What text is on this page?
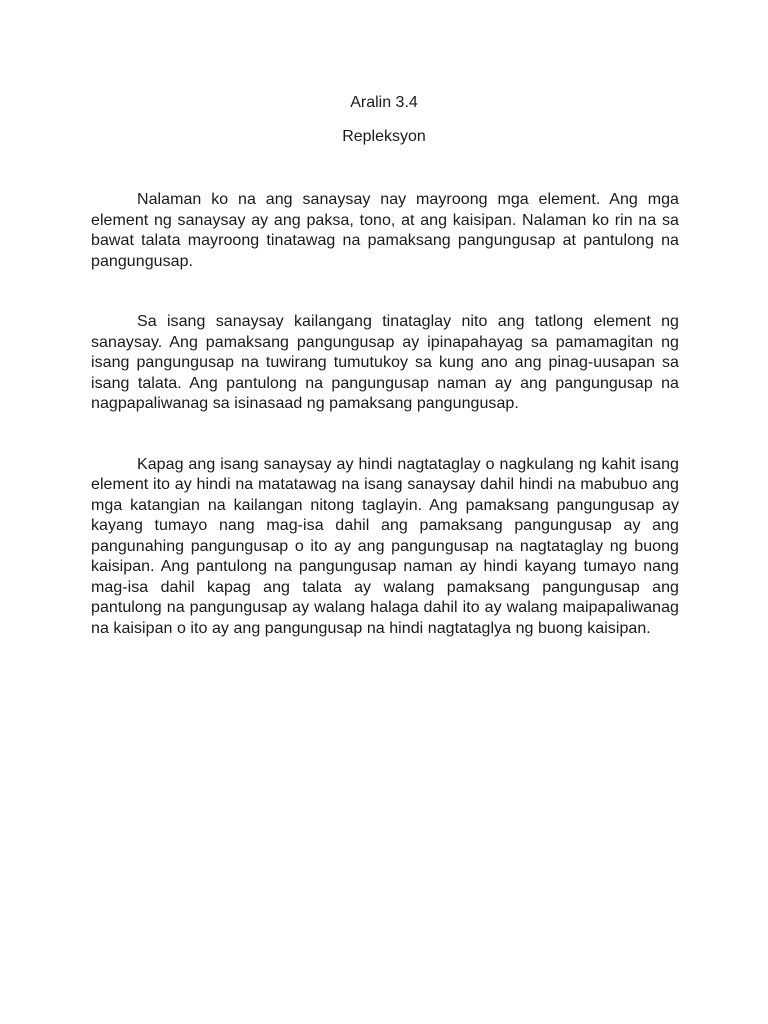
Aralin 3.4
Repleksyon

Nalaman ko na ang sanaysay nay mayroong mga element. Ang mga element ng sanaysay ay ang paksa, tono, at ang kaisipan. Nalaman ko rin na sa bawat talata mayroong tinatawag na pamaksang pangungusap at pantulong na pangungusap.

Sa isang sanaysay kailangang tinataglay nito ang tatlong element ng sanaysay. Ang pamaksang pangungusap ay ipinapahayag sa pamamagitan ng isang pangungusap na tuwirang tumutukoy sa kung ano ang pinag-uusapan sa isang talata. Ang pantulong na pangungusap naman ay ang pangungusap na nagpapaliwanag sa isinasaad ng pamaksang pangungusap.

Kapag ang isang sanaysay ay hindi nagtataglay o nagkulang ng kahit isang element ito ay hindi na matatawag na isang sanaysay dahil hindi na mabubuo ang mga katangian na kailangan nitong taglayin. Ang pamaksang pangungusap ay kayang tumayo nang mag-isa dahil ang pamaksang pangungusap ay ang pangunahing pangungusap o ito ay ang pangungusap na nagtataglay ng buong kaisipan. Ang pantulong na pangungusap naman ay hindi kayang tumayo nang mag-isa dahil kapag ang talata ay walang pamaksang pangungusap ang pantulong na pangungusap ay walang halaga dahil ito ay walang maipapaliwanag na kaisipan o ito ay ang pangungusap na hindi nagtataglya ng buong kaisipan.
